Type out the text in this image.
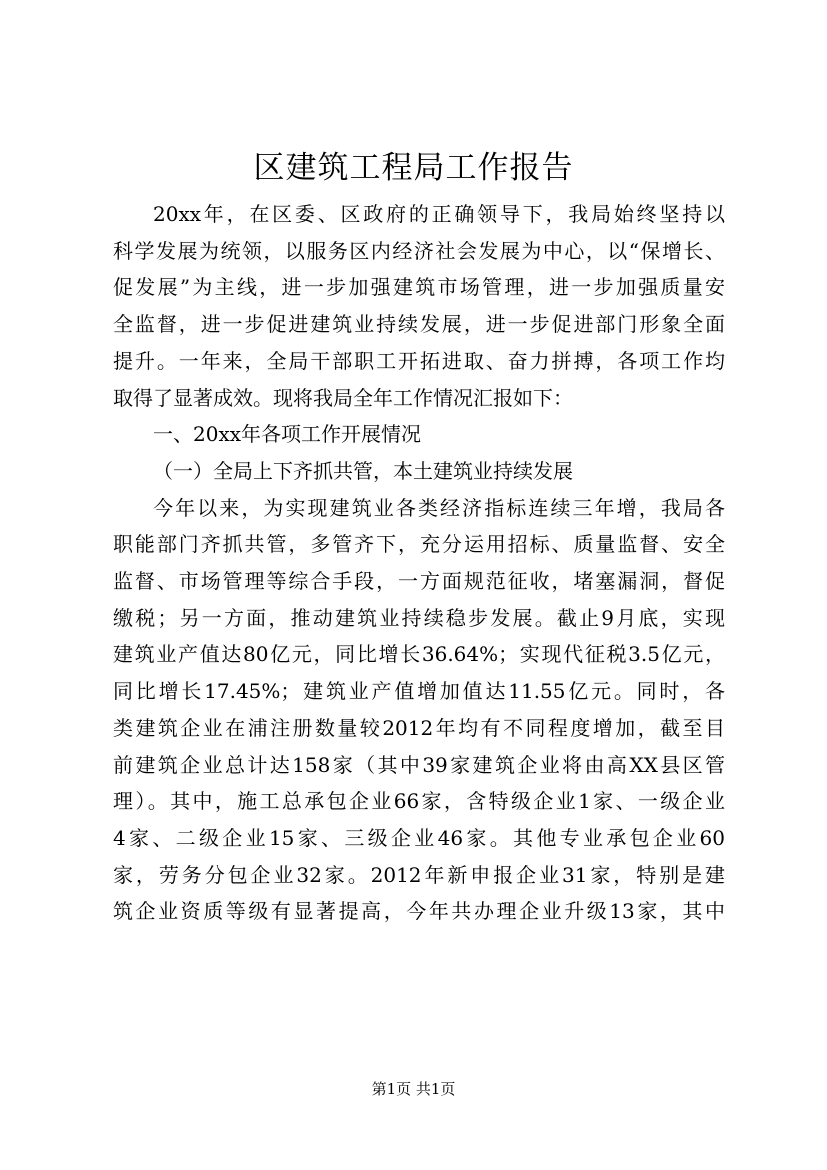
区建筑工程局工作报告

20xx年，在区委、区政府的正确领导下，我局始终坚持以
科学发展为统领，以服务区内经济社会发展为中心，以“保增长、
促发展”为主线，进一步加强建筑市场管理，进一步加强质量安
全监督，进一步促进建筑业持续发展，进一步促进部门形象全面
提升。一年来，全局干部职工开拓进取、奋力拼搏，各项工作均
取得了显著成效。现将我局全年工作情况汇报如下：

一、20xx年各项工作开展情况

（一）全局上下齐抓共管，本土建筑业持续发展

今年以来，为实现建筑业各类经济指标连续三年增，我局各
职能部门齐抓共管，多管齐下，充分运用招标、质量监督、安全
监督、市场管理等综合手段，一方面规范征收，堵塞漏洞，督促
缴税；另一方面，推动建筑业持续稳步发展。截止9月底，实现
建筑业产值达80亿元，同比增长36.64%；实现代征税3.5亿元，
同比增长17.45%；建筑业产值增加值达11.55亿元。同时，各
类建筑企业在浦注册数量较2012年均有不同程度增加，截至目
前建筑企业总计达158家（其中39家建筑企业将由高XX县区管
理）。其中，施工总承包企业66家，含特级企业1家、一级企业
4家、二级企业15家、三级企业46家。其他专业承包企业60
家，劳务分包企业32家。2012年新申报企业31家，特别是建
筑企业资质等级有显著提高，今年共办理企业升级13家，其中

第1页 共1页
